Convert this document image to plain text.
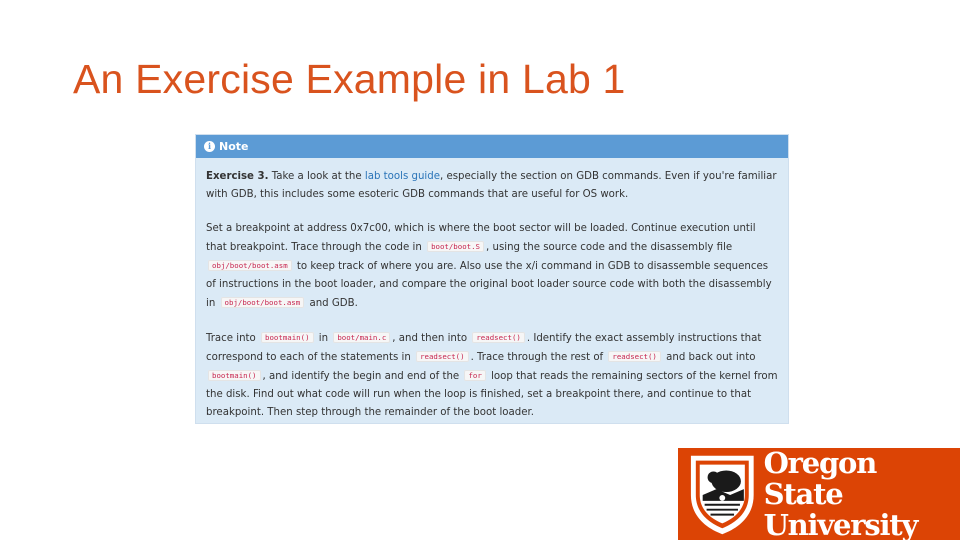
An Exercise Example in Lab 1
i Note

Exercise 3. Take a look at the lab tools guide, especially the section on GDB commands. Even if you're familiar with GDB, this includes some esoteric GDB commands that are useful for OS work.

Set a breakpoint at address 0x7c00, which is where the boot sector will be loaded. Continue execution until that breakpoint. Trace through the code in boot/boot.S , using the source code and the disassembly file obj/boot/boot.asm to keep track of where you are. Also use the x/i command in GDB to disassemble sequences of instructions in the boot loader, and compare the original boot loader source code with both the disassembly in obj/boot/boot.asm and GDB.

Trace into bootmain() in boot/main.c , and then into readsect() . Identify the exact assembly instructions that correspond to each of the statements in readsect() . Trace through the rest of readsect() and back out into bootmain() , and identify the begin and end of the for loop that reads the remaining sectors of the kernel from the disk. Find out what code will run when the loop is finished, set a breakpoint there, and continue to that breakpoint. Then step through the remainder of the boot loader.

Oregon State
University
